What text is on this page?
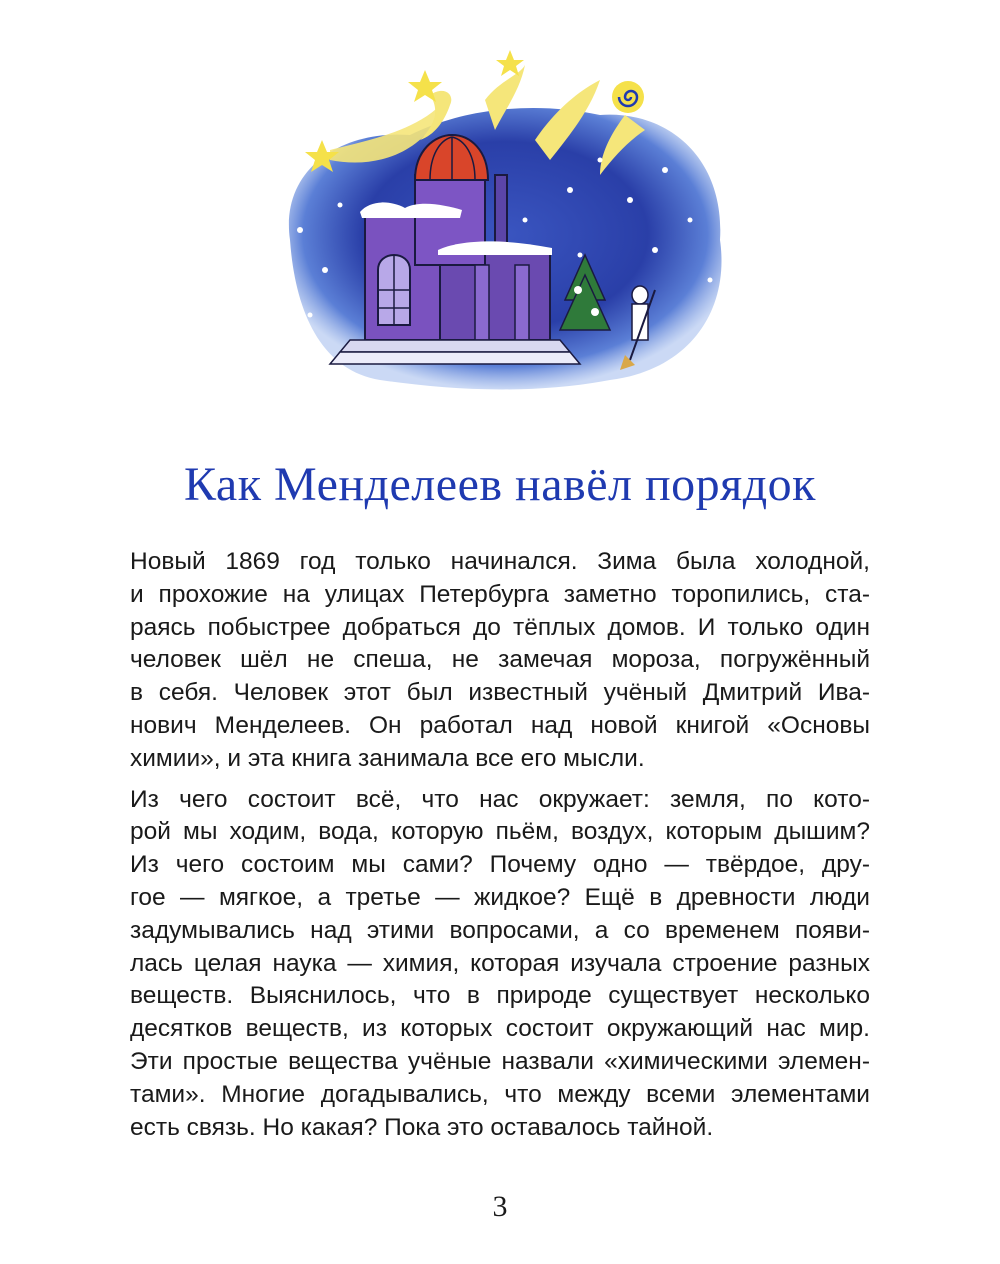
Как Менделеев навёл порядок

Новый 1869 год только начинался. Зима была холодной,
и прохожие на улицах Петербурга заметно торопились, ста-
раясь побыстрее добраться до тёплых домов. И только один
человек шёл не спеша, не замечая мороза, погружённый
в себя. Человек этот был известный учёный Дмитрий Ива-
нович Менделеев. Он работал над новой книгой «Основы
химии», и эта книга занимала все его мысли.

Из чего состоит всё, что нас окружает: земля, по кото-
рой мы ходим, вода, которую пьём, воздух, которым дышим?
Из чего состоим мы сами? Почему одно — твёрдое, дру-
гое — мягкое, а третье — жидкое? Ещё в древности люди
задумывались над этими вопросами, а со временем появи-
лась целая наука — химия, которая изучала строение разных
веществ. Выяснилось, что в природе существует несколько
десятков веществ, из которых состоит окружающий нас мир.
Эти простые вещества учёные назвали «химическими элемен-
тами». Многие догадывались, что между всеми элементами
есть связь. Но какая? Пока это оставалось тайной.

3
